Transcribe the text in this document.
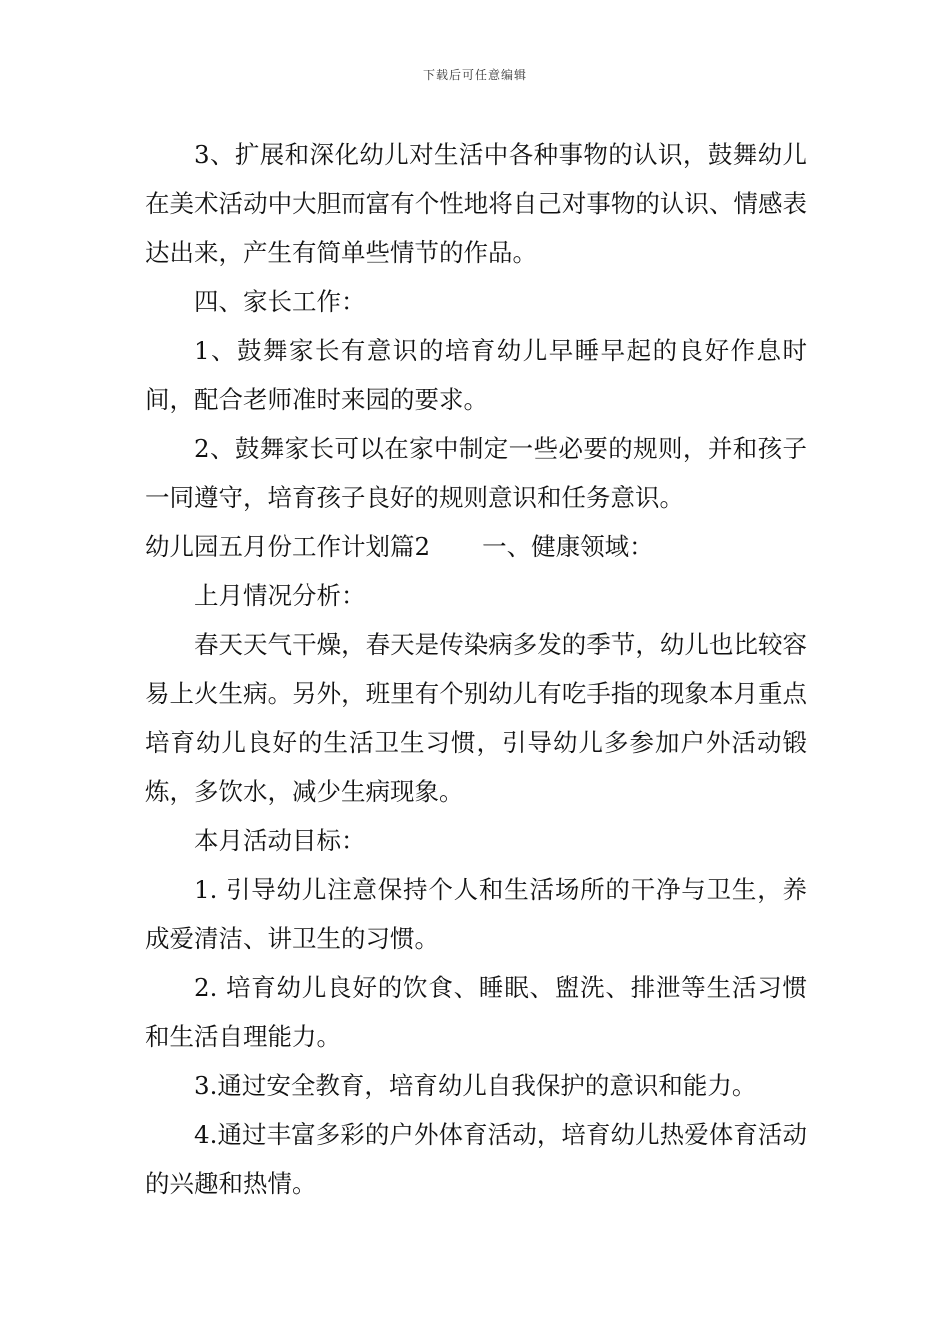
下载后可任意编辑

3、扩展和深化幼儿对生活中各种事物的认识，鼓舞幼儿在美术活动中大胆而富有个性地将自己对事物的认识、情感表达出来，产生有简单些情节的作品。

四、家长工作：

1、鼓舞家长有意识的培育幼儿早睡早起的良好作息时间，配合老师准时来园的要求。

2、鼓舞家长可以在家中制定一些必要的规则，并和孩子一同遵守，培育孩子良好的规则意识和任务意识。

幼儿园五月份工作计划篇2 一、健康领域：

上月情况分析：

春天天气干燥，春天是传染病多发的季节，幼儿也比较容易上火生病。另外，班里有个别幼儿有吃手指的现象本月重点培育幼儿良好的生活卫生习惯，引导幼儿多参加户外活动锻炼，多饮水，减少生病现象。

本月活动目标：

1. 引导幼儿注意保持个人和生活场所的干净与卫生，养成爱清洁、讲卫生的习惯。

2. 培育幼儿良好的饮食、睡眠、盥洗、排泄等生活习惯和生活自理能力。

3.通过安全教育，培育幼儿自我保护的意识和能力。

4.通过丰富多彩的户外体育活动，培育幼儿热爱体育活动的兴趣和热情。
